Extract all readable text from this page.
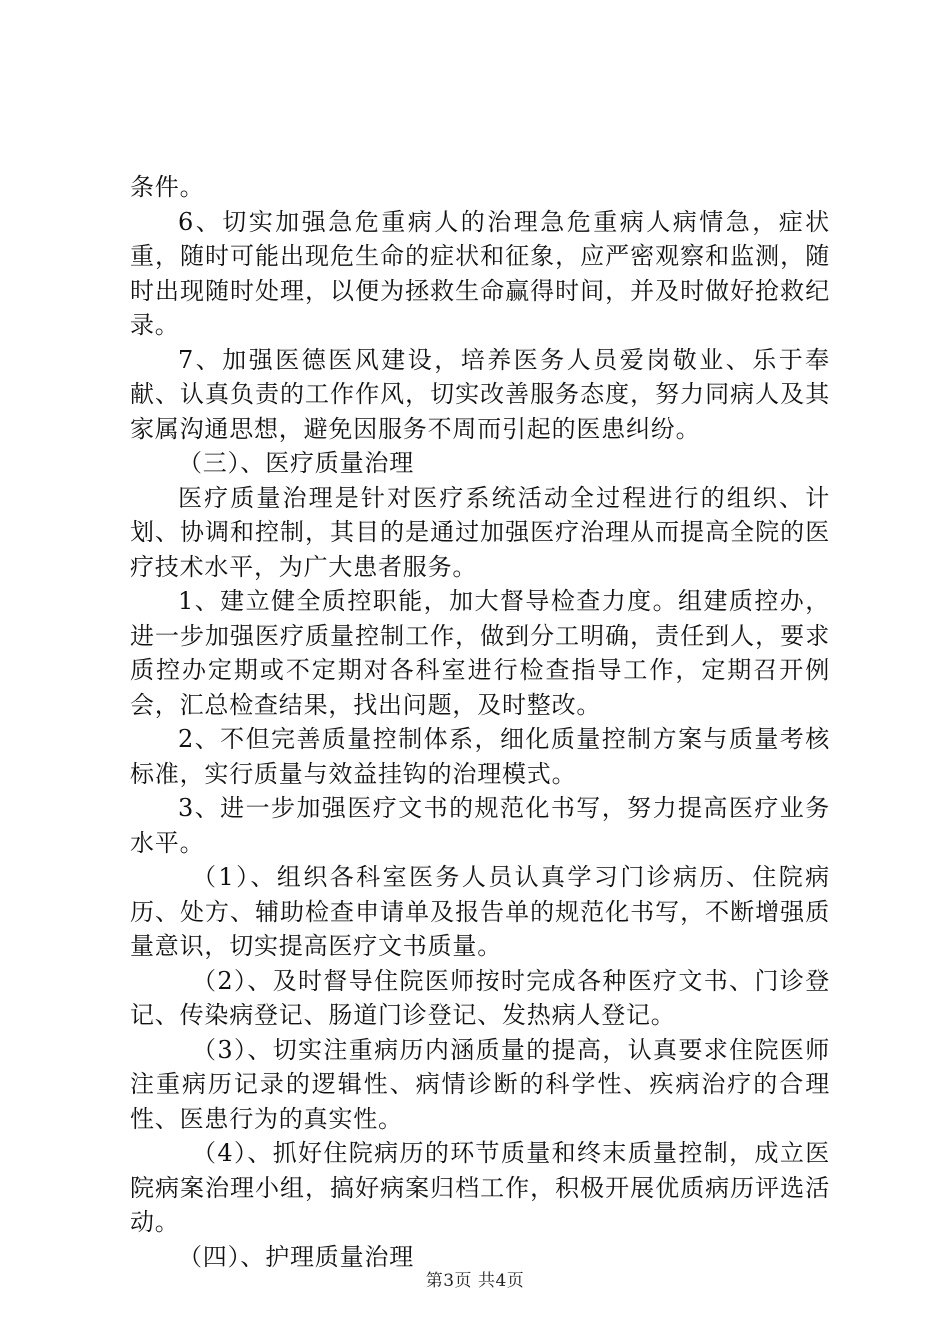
条件。

6、切实加强急危重病人的治理急危重病人病情急，症状重，随时可能出现危生命的症状和征象，应严密观察和监测，随时出现随时处理，以便为拯救生命赢得时间，并及时做好抢救纪录。

7、加强医德医风建设，培养医务人员爱岗敬业、乐于奉献、认真负责的工作作风，切实改善服务态度，努力同病人及其家属沟通思想，避免因服务不周而引起的医患纠纷。

（三）、医疗质量治理

医疗质量治理是针对医疗系统活动全过程进行的组织、计划、协调和控制，其目的是通过加强医疗治理从而提高全院的医疗技术水平，为广大患者服务。

1、建立健全质控职能，加大督导检查力度。组建质控办，进一步加强医疗质量控制工作，做到分工明确，责任到人，要求质控办定期或不定期对各科室进行检查指导工作，定期召开例会，汇总检查结果，找出问题，及时整改。

2、不但完善质量控制体系，细化质量控制方案与质量考核标准，实行质量与效益挂钩的治理模式。

3、进一步加强医疗文书的规范化书写，努力提高医疗业务水平。

（1）、组织各科室医务人员认真学习门诊病历、住院病历、处方、辅助检查申请单及报告单的规范化书写，不断增强质量意识，切实提高医疗文书质量。

（2）、及时督导住院医师按时完成各种医疗文书、门诊登记、传染病登记、肠道门诊登记、发热病人登记。

（3）、切实注重病历内涵质量的提高，认真要求住院医师注重病历记录的逻辑性、病情诊断的科学性、疾病治疗的合理性、医患行为的真实性。

（4）、抓好住院病历的环节质量和终末质量控制，成立医院病案治理小组，搞好病案归档工作，积极开展优质病历评选活动。

（四）、护理质量治理

第3页 共4页
